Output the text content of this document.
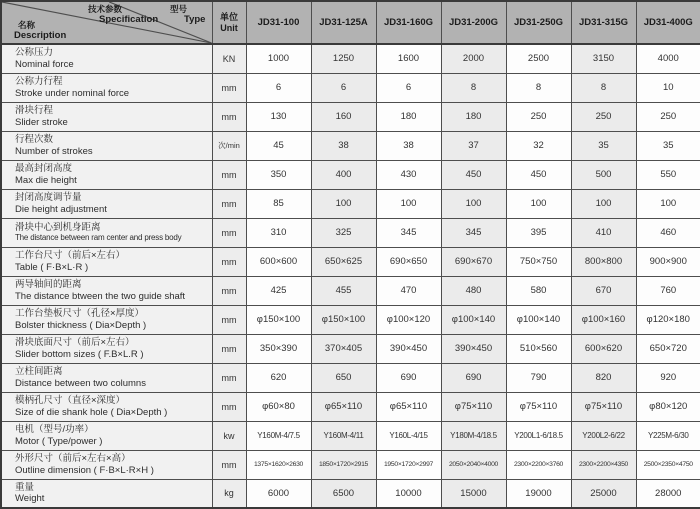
技术参数
Specification
型号
Type
名称
Description
	单位
Unit	JD31-100	JD31-125A	JD31-160G	JD31-200G	JD31-250G	JD31-315G	JD31-400G

公称压力
Nominal force	KN	1000	1250	1600	2000	2500	3150	4000

公称力行程
Stroke under nominal force	mm	6	6	6	8	8	8	10

滑块行程
Slider stroke	mm	130	160	180	180	250	250	250

行程次数
Number of strokes	次/min	45	38	38	37	32	35	35

最高封闭高度
Max die height	mm	350	400	430	450	450	500	550

封闭高度调节量
Die height adjustment	mm	85	100	100	100	100	100	100

滑块中心到机身距离
The distance between ram center and press body	mm	310	325	345	345	395	410	460

工作台尺寸（前后×左右）
Table ( F·B×L·R )	mm	600×600	650×625	690×650	690×670	750×750	800×800	900×900

两导轴间的距离
The distance btween the two guide shaft	mm	425	455	470	480	580	670	760

工作台垫板尺寸（孔径×厚度）
Bolster thickness ( Dia×Depth )	mm	φ150×100	φ150×100	φ100×120	φ100×140	φ100×140	φ100×160	φ120×180

滑块底面尺寸（前后×左右）
Slider bottom sizes ( F.B×L.R )	mm	350×390	370×405	390×450	390×450	510×560	600×620	650×720

立柱间距离
Distance between two columns	mm	620	650	690	690	790	820	920

模柄孔尺寸（直径×深度）
Size of die shank hole ( Dia×Depth )	mm	φ60×80	φ65×110	φ65×110	φ75×110	φ75×110	φ75×110	φ80×120

电机（型号/功率）
Motor ( Type/power )	kw	Y160M-4/7.5	Y160M-4/11	Y160L-4/15	Y180M-4/18.5	Y200L1-6/18.5	Y200L2-6/22	Y225M-6/30

外形尺寸（前后×左右×高）
Outline dimension ( F·B×L·R×H )	mm	1375×1620×2630	1850×1720×2915	1950×1720×2997	2050×2040×4000	2300×2200×3760	2300×2200×4350	2500×2350×4750

重量
Weight	kg	6000	6500	10000	15000	19000	25000	28000
